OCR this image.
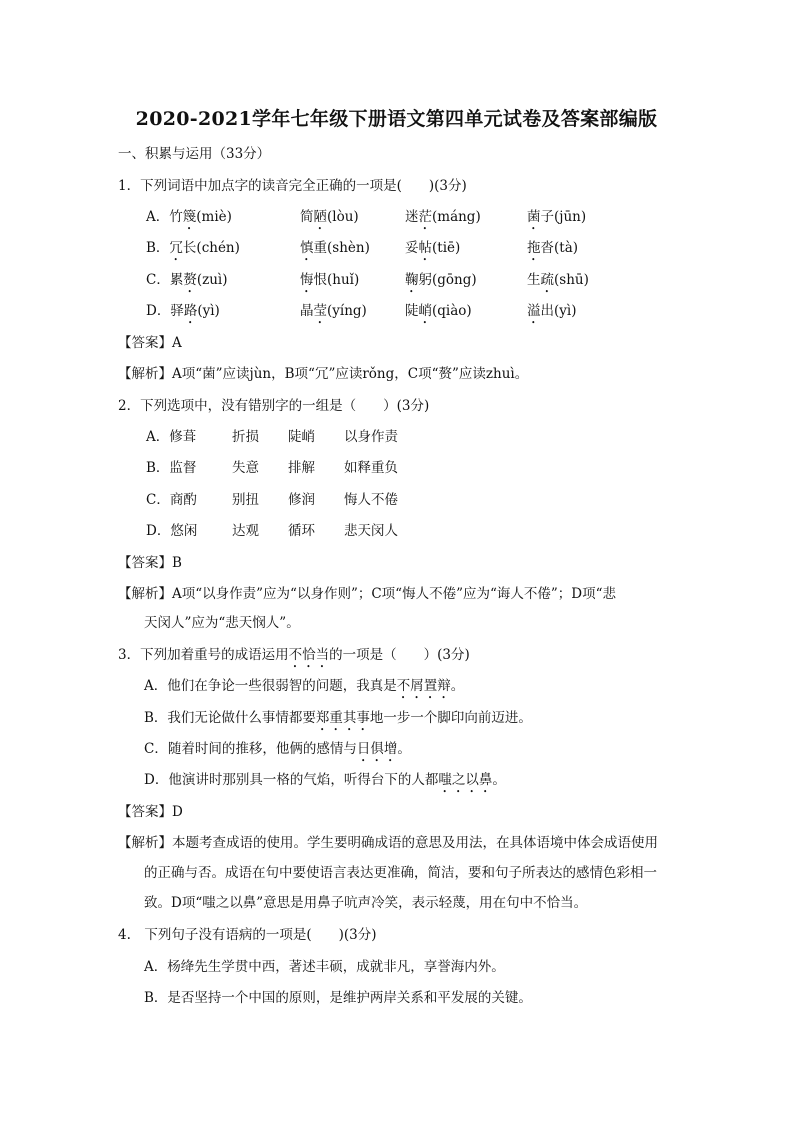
2020-2021学年七年级下册语文第四单元试卷及答案部编版
一、积累与运用（33分）
1．下列词语中加点字的读音完全正确的一项是(　　)(3分)
A．竹篾(miè)	简陋(lòu)	迷茫(máng)	菌子(jūn)
B．冗长(chén)	慎重(shèn)	妥帖(tiē)	拖沓(tà)
C．累赘(zuì)	悔恨(huǐ)	鞠躬(gōng)	生疏(shū)
D．驿路(yì)	晶莹(yíng)	陡峭(qiào)	溢出(yì)
【答案】A
【解析】A项“菌”应读jùn，B项“冗”应读rǒng，C项“赘”应读zhuì。
2．下列选项中，没有错别字的一组是（　　）(3分)
A．修葺	折损 陡峭 以身作责
B．监督	失意 排解 如释重负
C．商酌	别扭 修润 悔人不倦
D．悠闲	达观 循环 悲天闵人
【答案】B
【解析】A项“以身作责”应为“以身作则”；C项“悔人不倦”应为“诲人不倦”；D项“悲
天闵人”应为“悲天悯人”。
3．下列加着重号的成语运用不恰当的一项是（　　）(3分)
A．他们在争论一些很弱智的问题，我真是不屑置辩。
B．我们无论做什么事情都要郑重其事地一步一个脚印向前迈进。
C．随着时间的推移，他俩的感情与日俱增。
D．他演讲时那别具一格的气焰，听得台下的人都嗤之以鼻。
【答案】D
【解析】本题考查成语的使用。学生要明确成语的意思及用法，在具体语境中体会成语使用
的正确与否。成语在句中要使语言表达更准确，简洁，要和句子所表达的感情色彩相一
致。D项“嗤之以鼻”意思是用鼻子吭声冷笑，表示轻蔑，用在句中不恰当。
4.　下列句子没有语病的一项是(　　)(3分)
A．杨绛先生学贯中西，著述丰硕，成就非凡，享誉海内外。
B．是否坚持一个中国的原则，是维护两岸关系和平发展的关键。
